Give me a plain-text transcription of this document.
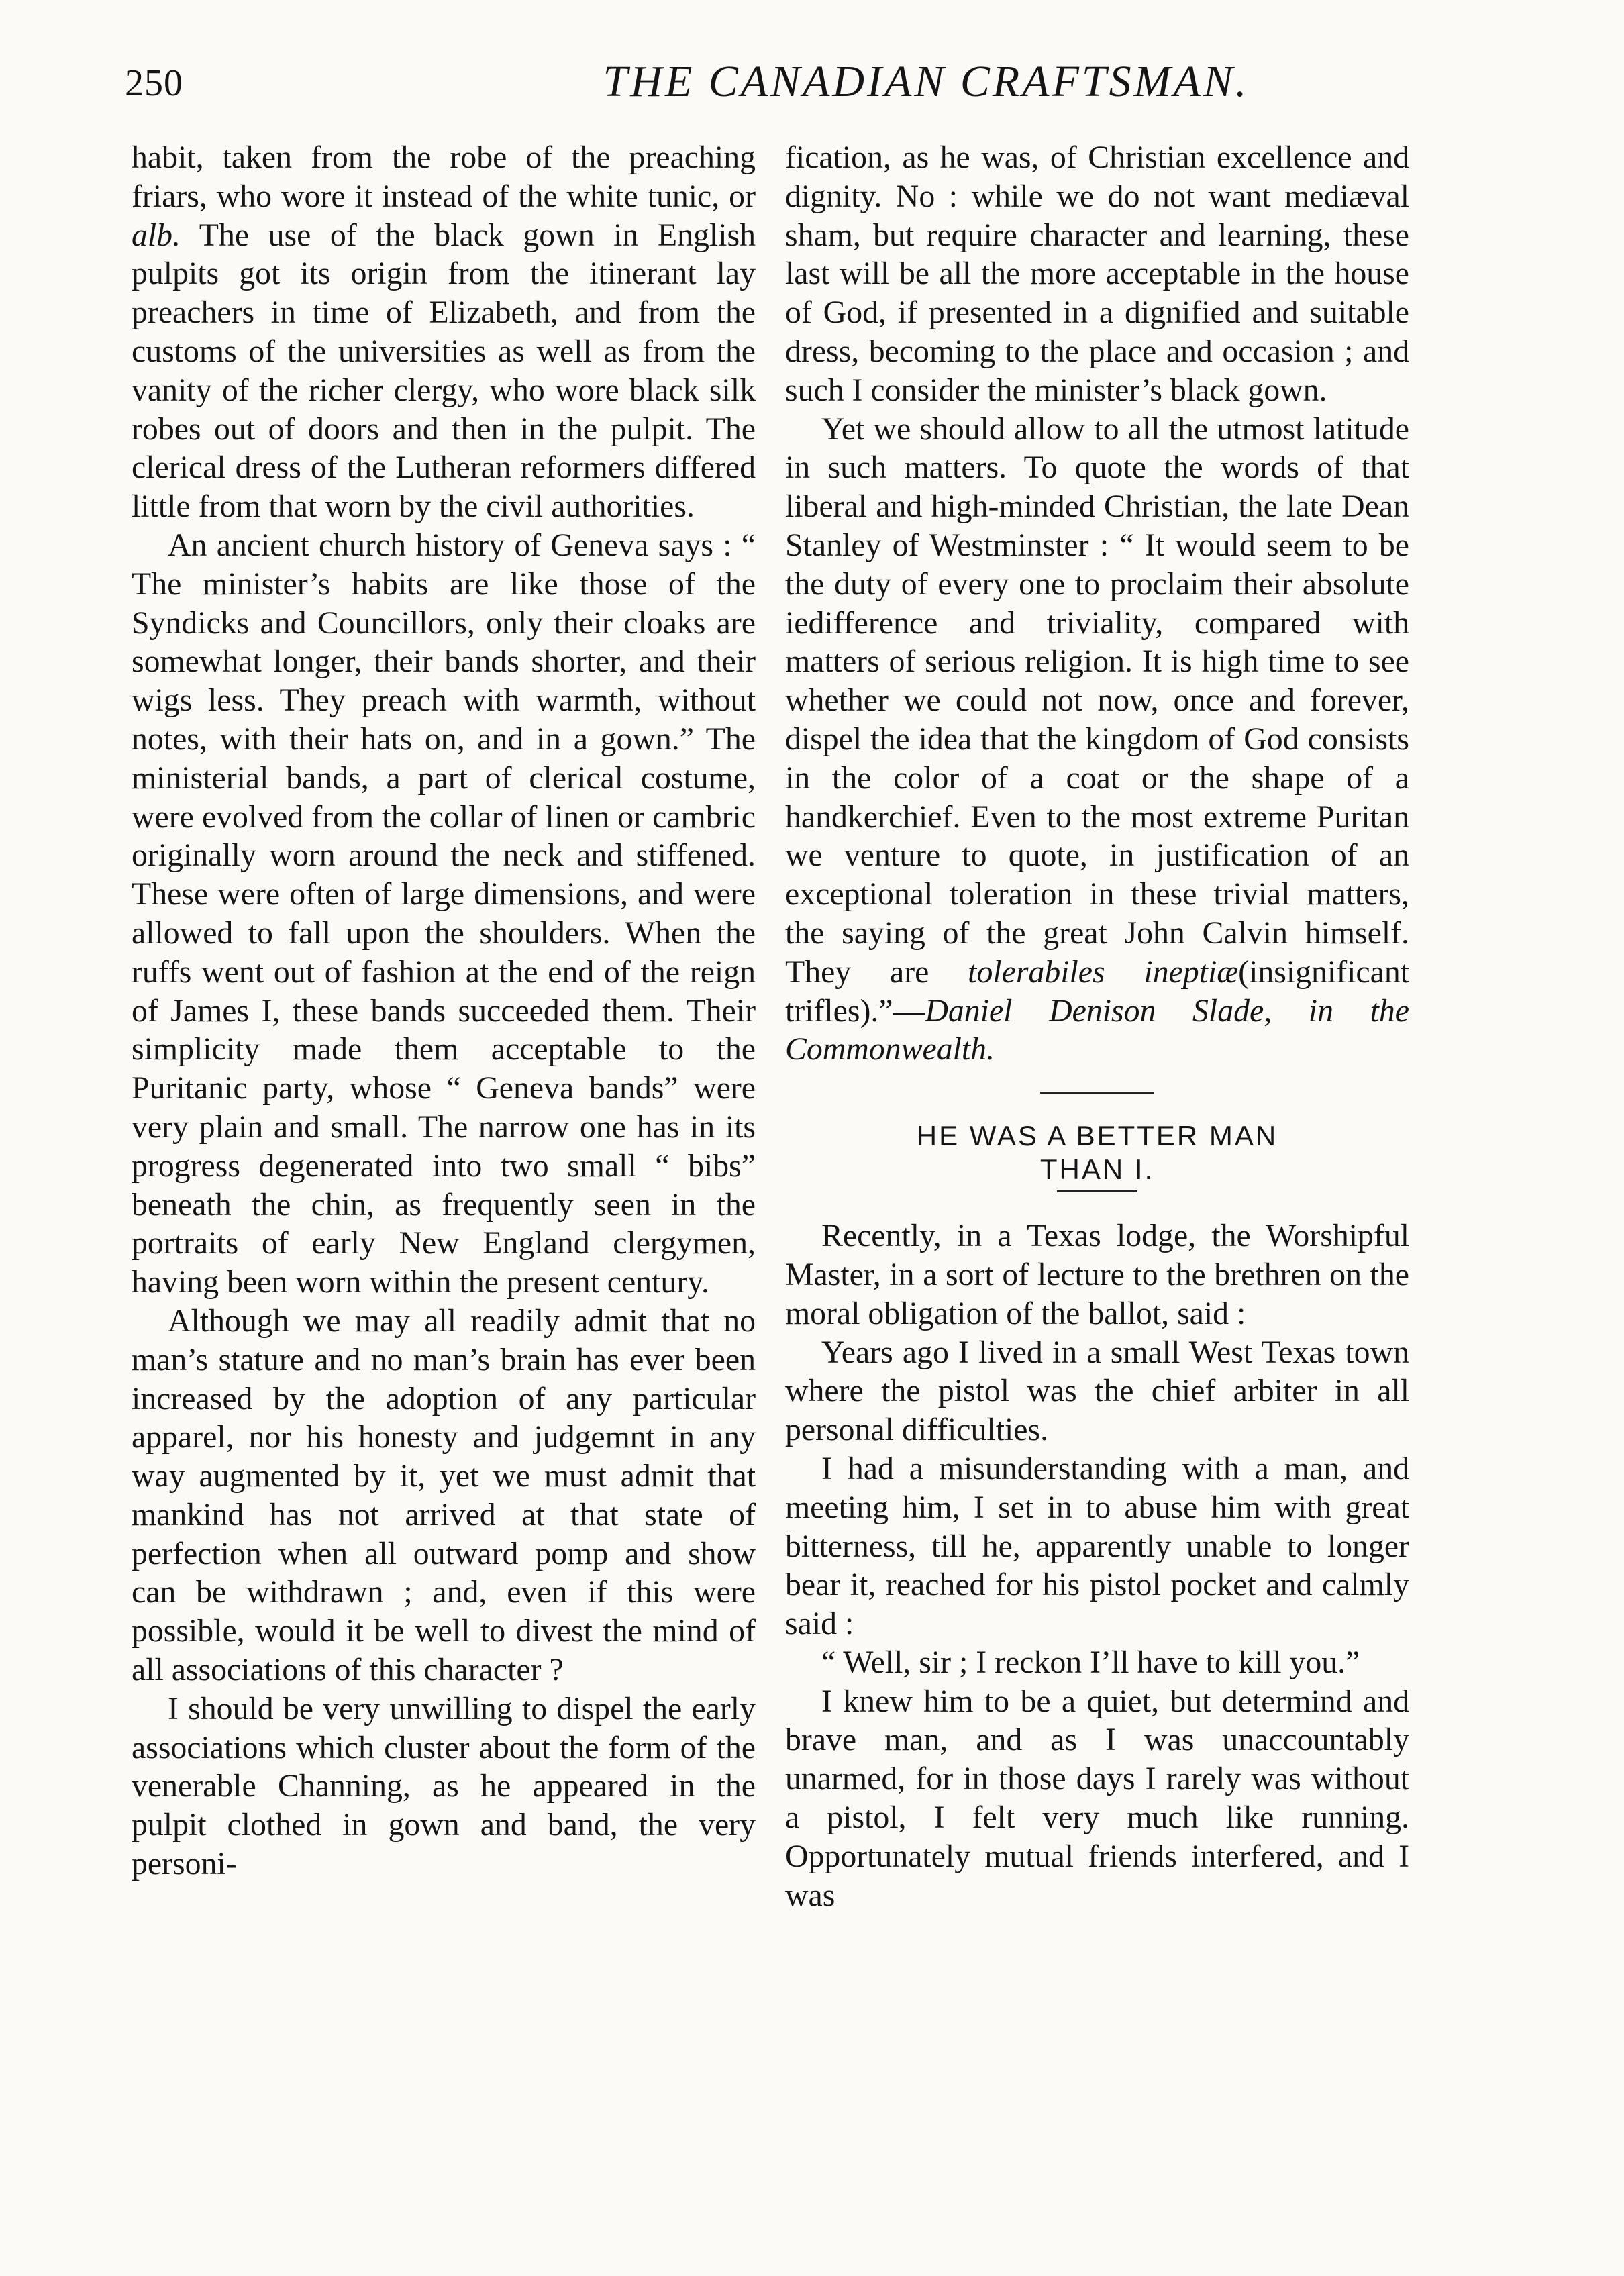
250	THE CANADIAN CRAFTSMAN.

habit, taken from the robe of the preaching friars, who wore it instead of the white tunic, or alb. The use of the black gown in English pulpits got its origin from the itinerant lay preachers in time of Elizabeth, and from the customs of the universities as well as from the vanity of the richer clergy, who wore black silk robes out of doors and then in the pulpit. The clerical dress of the Lutheran reformers differed little from that worn by the civil authorities.

An ancient church history of Geneva says : “ The minister’s habits are like those of the Syndicks and Councillors, only their cloaks are somewhat longer, their bands shorter, and their wigs less. They preach with warmth, without notes, with their hats on, and in a gown.” The ministerial bands, a part of clerical costume, were evolved from the collar of linen or cambric originally worn around the neck and stiffened. These were often of large dimensions, and were allowed to fall upon the shoulders. When the ruffs went out of fashion at the end of the reign of James I, these bands succeeded them. Their simplicity made them acceptable to the Puritanic party, whose “ Geneva bands” were very plain and small. The narrow one has in its progress degenerated into two small “ bibs” beneath the chin, as frequently seen in the portraits of early New England clergymen, having been worn within the present century.

Although we may all readily admit that no man’s stature and no man’s brain has ever been increased by the adoption of any particular apparel, nor his honesty and judgemnt in any way augmented by it, yet we must admit that mankind has not arrived at that state of perfection when all outward pomp and show can be withdrawn ; and, even if this were possible, would it be well to divest the mind of all associations of this character ?

I should be very unwilling to dispel the early associations which cluster about the form of the venerable Channing, as he appeared in the pulpit clothed in gown and band, the very personi-

fication, as he was, of Christian excellence and dignity. No : while we do not want mediæval sham, but require character and learning, these last will be all the more acceptable in the house of God, if presented in a dignified and suitable dress, becoming to the place and occasion ; and such I consider the minister’s black gown.

Yet we should allow to all the utmost latitude in such matters. To quote the words of that liberal and high-minded Christian, the late Dean Stanley of Westminster : “ It would seem to be the duty of every one to proclaim their absolute iedifference and triviality, compared with matters of serious religion. It is high time to see whether we could not now, once and forever, dispel the idea that the kingdom of God consists in the color of a coat or the shape of a handkerchief. Even to the most extreme Puritan we venture to quote, in justification of an exceptional toleration in these trivial matters, the saying of the great John Calvin himself. They are tolerabiles ineptiæ(insignificant trifles).”—Daniel Denison Slade, in the Commonwealth.

HE WAS A BETTER MAN
THAN I.

Recently, in a Texas lodge, the Worshipful Master, in a sort of lecture to the brethren on the moral obligation of the ballot, said :

Years ago I lived in a small West Texas town where the pistol was the chief arbiter in all personal difficulties.

I had a misunderstanding with a man, and meeting him, I set in to abuse him with great bitterness, till he, apparently unable to longer bear it, reached for his pistol pocket and calmly said :

“ Well, sir ; I reckon I’ll have to kill you.”

I knew him to be a quiet, but determind and brave man, and as I was unaccountably unarmed, for in those days I rarely was without a pistol, I felt very much like running. Opportunately mutual friends interfered, and I was
